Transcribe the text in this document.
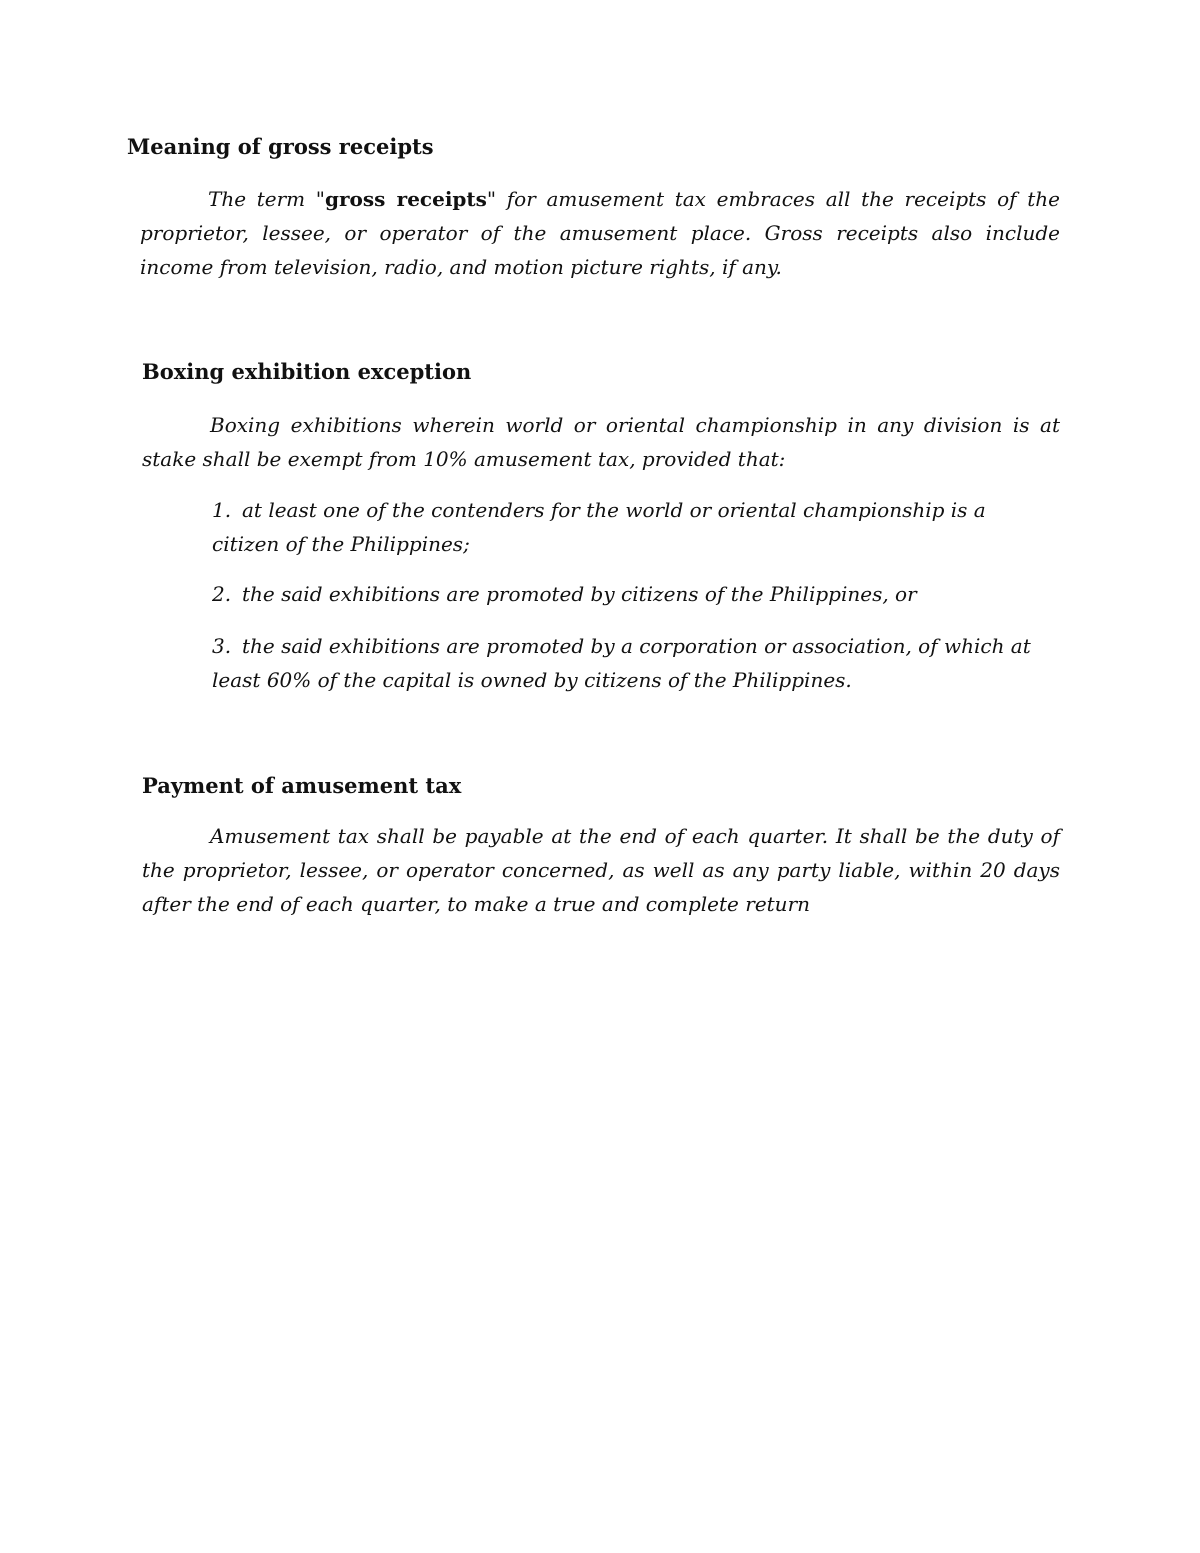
Meaning of gross receipts
The term "gross receipts" for amusement tax embraces all the receipts of the proprietor, lessee, or operator of the amusement place. Gross receipts also include income from television, radio, and motion picture rights, if any.
Boxing exhibition exception
Boxing exhibitions wherein world or oriental championship in any division is at stake shall be exempt from 10% amusement tax, provided that:
1. at least one of the contenders for the world or oriental championship is a citizen of the Philippines;
2. the said exhibitions are promoted by citizens of the Philippines, or
3. the said exhibitions are promoted by a corporation or association, of which at least 60% of the capital is owned by citizens of the Philippines.
Payment of amusement tax
Amusement tax shall be payable at the end of each quarter. It shall be the duty of the proprietor, lessee, or operator concerned, as well as any party liable, within 20 days after the end of each quarter, to make a true and complete return
